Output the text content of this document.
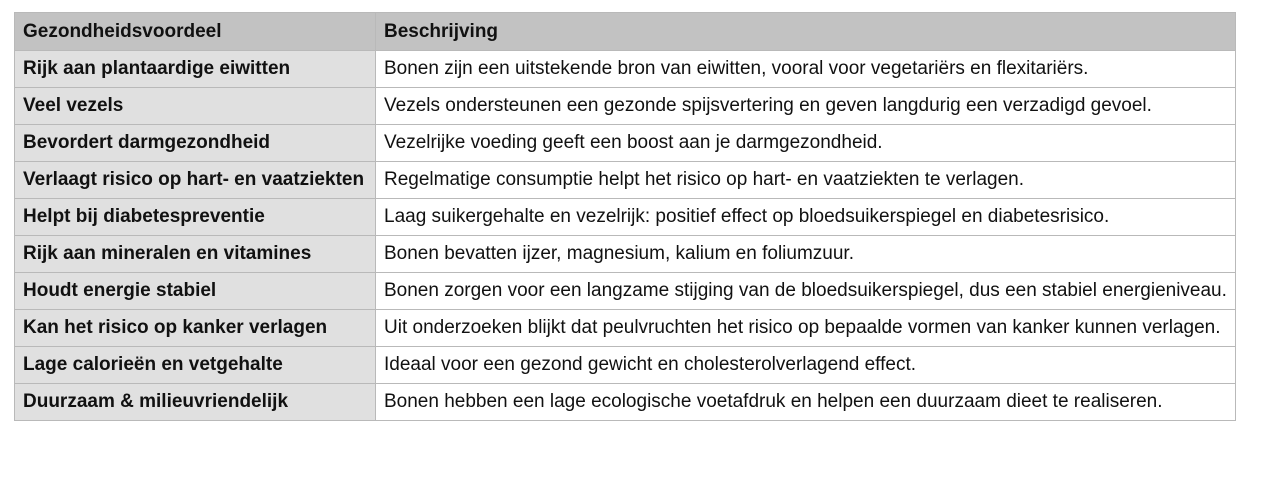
Gezondheidsvoordeel	Beschrijving
Rijk aan plantaardige eiwitten	Bonen zijn een uitstekende bron van eiwitten, vooral voor vegetariërs en flexitariërs.
Veel vezels	Vezels ondersteunen een gezonde spijsvertering en geven langdurig een verzadigd gevoel.
Bevordert darmgezondheid	Vezelrijke voeding geeft een boost aan je darmgezondheid.
Verlaagt risico op hart- en vaatziekten	Regelmatige consumptie helpt het risico op hart- en vaatziekten te verlagen.
Helpt bij diabetespreventie	Laag suikergehalte en vezelrijk: positief effect op bloedsuikerspiegel en diabetesrisico.
Rijk aan mineralen en vitamines	Bonen bevatten ijzer, magnesium, kalium en foliumzuur.
Houdt energie stabiel	Bonen zorgen voor een langzame stijging van de bloedsuikerspiegel, dus een stabiel energieniveau.
Kan het risico op kanker verlagen	Uit onderzoeken blijkt dat peulvruchten het risico op bepaalde vormen van kanker kunnen verlagen.
Lage calorieën en vetgehalte	Ideaal voor een gezond gewicht en cholesterolverlagend effect.
Duurzaam & milieuvriendelijk	Bonen hebben een lage ecologische voetafdruk en helpen een duurzaam dieet te realiseren.
